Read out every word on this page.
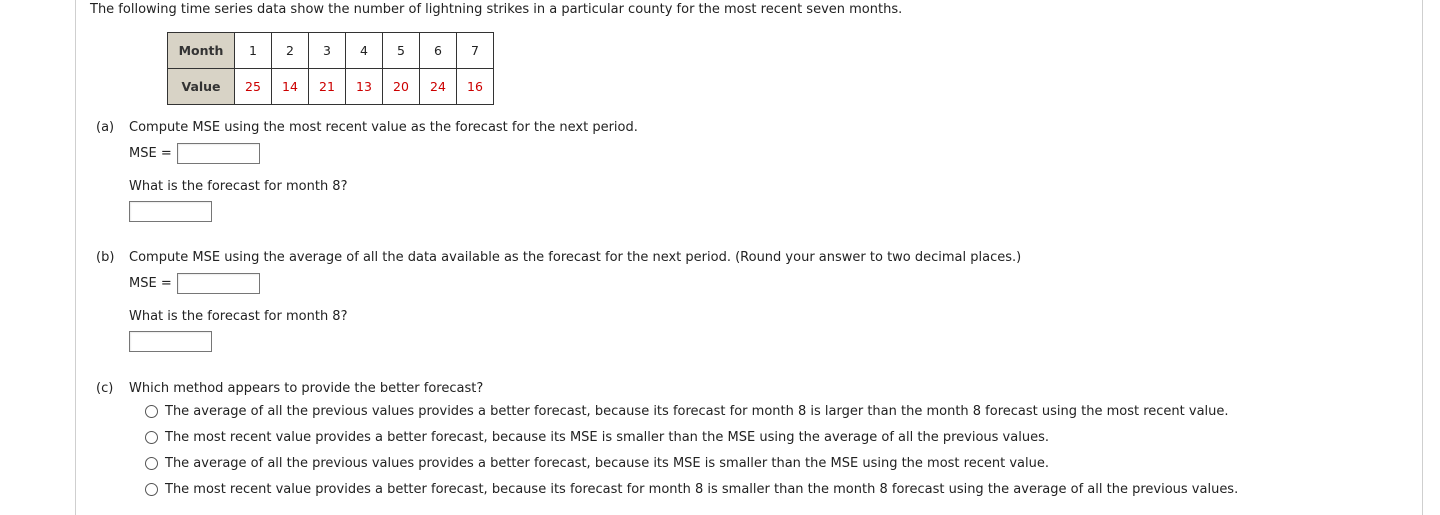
The following time series data show the number of lightning strikes in a particular county for the most recent seven months.
Month	1	2	3	4	5	6	7
Value	25	14	21	13	20	24	16
(a) Compute MSE using the most recent value as the forecast for the next period.
MSE =
What is the forecast for month 8?
(b) Compute MSE using the average of all the data available as the forecast for the next period. (Round your answer to two decimal places.)
MSE =
What is the forecast for month 8?
(c) Which method appears to provide the better forecast?
The average of all the previous values provides a better forecast, because its forecast for month 8 is larger than the month 8 forecast using the most recent value.
The most recent value provides a better forecast, because its MSE is smaller than the MSE using the average of all the previous values.
The average of all the previous values provides a better forecast, because its MSE is smaller than the MSE using the most recent value.
The most recent value provides a better forecast, because its forecast for month 8 is smaller than the month 8 forecast using the average of all the previous values.
